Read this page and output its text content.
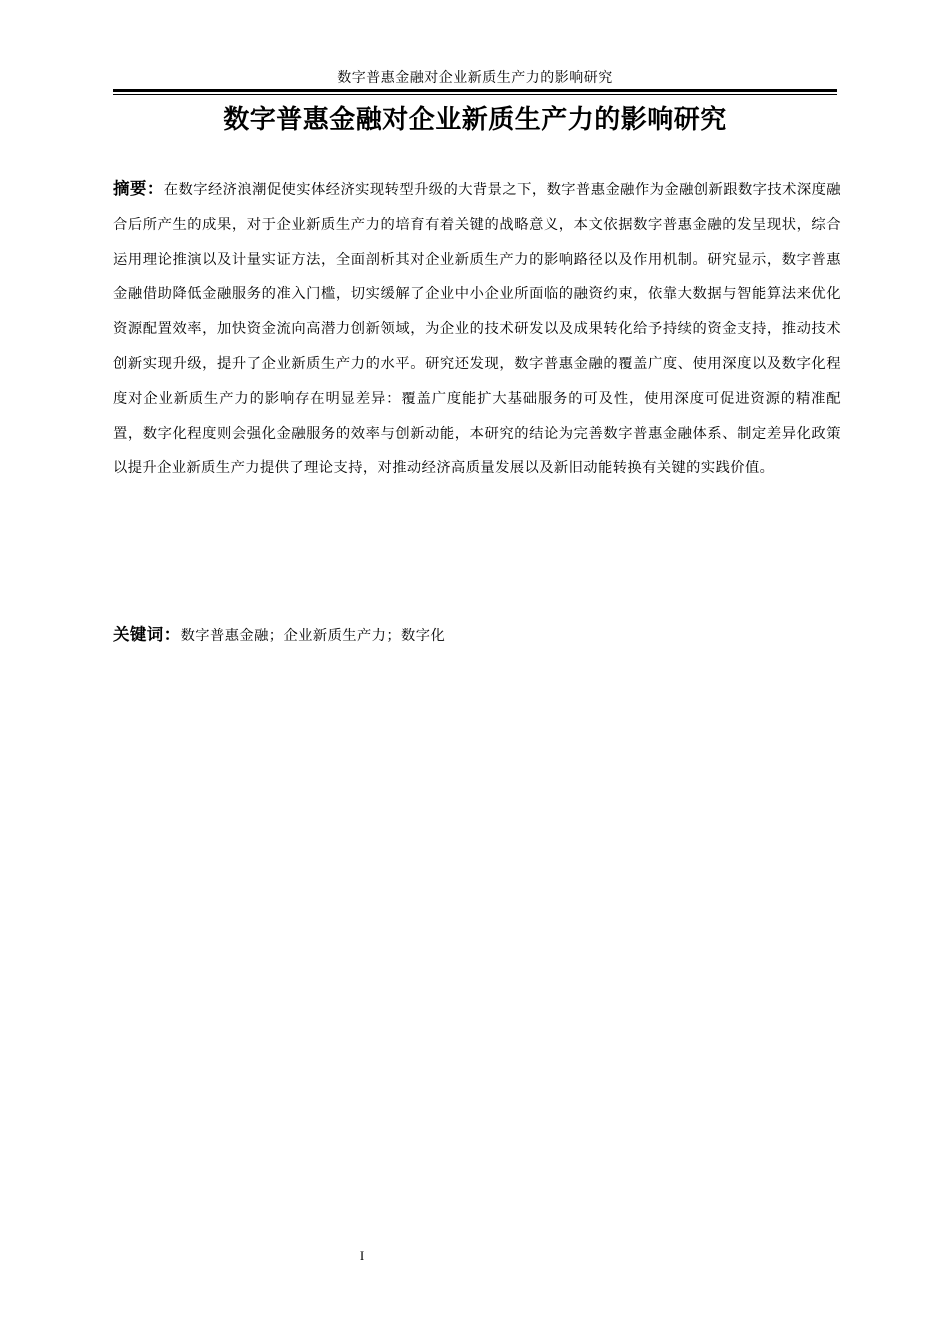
数字普惠金融对企业新质生产力的影响研究
数字普惠金融对企业新质生产力的影响研究

摘要：在数字经济浪潮促使实体经济实现转型升级的大背景之下，数字普惠金融作为金融创新跟数字技术深度融合后所产生的成果，对于企业新质生产力的培育有着关键的战略意义，本文依据数字普惠金融的发呈现状，综合运用理论推演以及计量实证方法，全面剖析其对企业新质生产力的影响路径以及作用机制。研究显示，数字普惠金融借助降低金融服务的准入门槛，切实缓解了企业中小企业所面临的融资约束，依靠大数据与智能算法来优化资源配置效率，加快资金流向高潜力创新领域，为企业的技术研发以及成果转化给予持续的资金支持，推动技术创新实现升级，提升了企业新质生产力的水平。研究还发现，数字普惠金融的覆盖广度、使用深度以及数字化程度对企业新质生产力的影响存在明显差异：覆盖广度能扩大基础服务的可及性，使用深度可促进资源的精准配置，数字化程度则会强化金融服务的效率与创新动能，本研究的结论为完善数字普惠金融体系、制定差异化政策以提升企业新质生产力提供了理论支持，对推动经济高质量发展以及新旧动能转换有关键的实践价值。

关键词：数字普惠金融；企业新质生产力；数字化

I
